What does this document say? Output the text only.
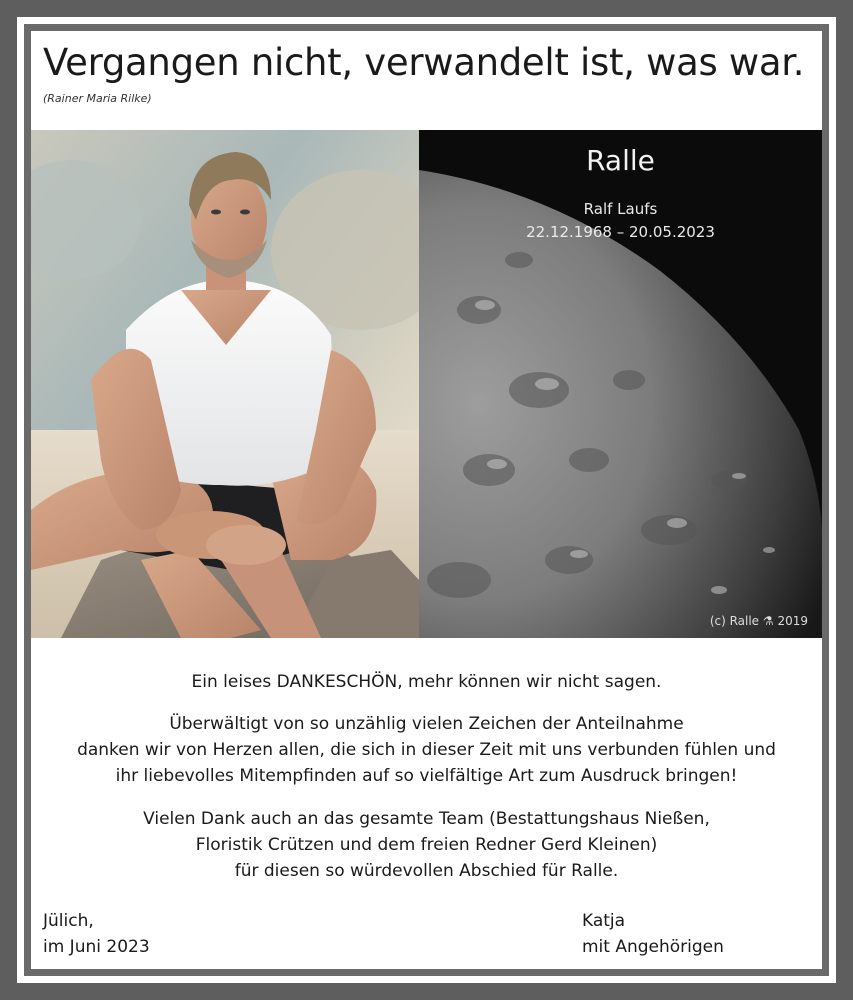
Vergangen nicht, verwandelt ist, was war.
(Rainer Maria Rilke)
Ralle
Ralf Laufs
22.12.1968 – 20.05.2023
(c) Ralle ⚗ 2019
Ein leises DANKESCHÖN, mehr können wir nicht sagen.
Überwältigt von so unzählig vielen Zeichen der Anteilnahme
danken wir von Herzen allen, die sich in dieser Zeit mit uns verbunden fühlen und
ihr liebevolles Mitempfinden auf so vielfältige Art zum Ausdruck bringen!
Vielen Dank auch an das gesamte Team (Bestattungshaus Nießen,
Floristik Crützen und dem freien Redner Gerd Kleinen)
für diesen so würdevollen Abschied für Ralle.
Jülich,
im Juni 2023
Katja
mit Angehörigen
